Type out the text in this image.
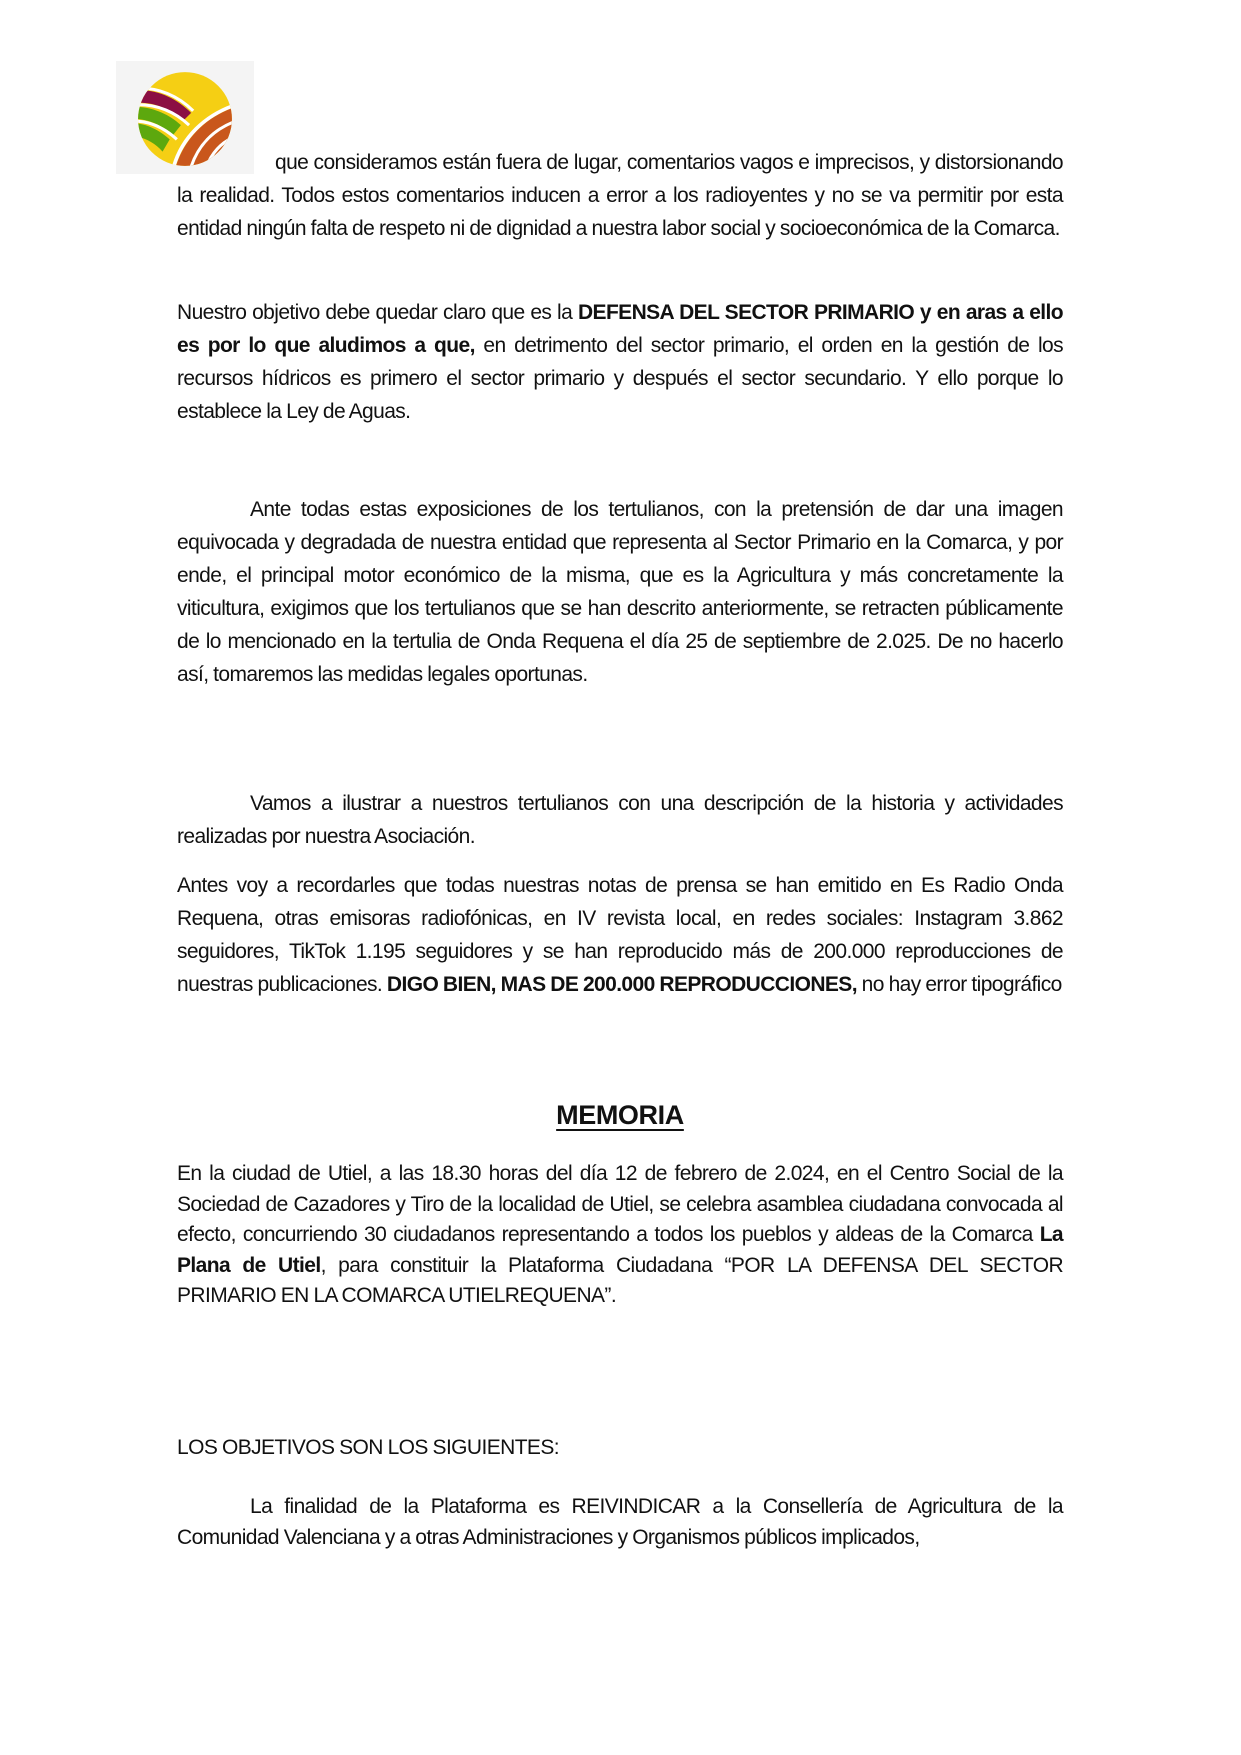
que consideramos están fuera de lugar, comentarios vagos e imprecisos, y distorsionando la realidad. Todos estos comentarios inducen a error a los radioyentes y no se va permitir por esta entidad ningún falta de respeto ni de dignidad a nuestra labor social y socioeconómica de la Comarca.

Nuestro objetivo debe quedar claro que es la DEFENSA DEL SECTOR PRIMARIO y en aras a ello es por lo que aludimos a que, en detrimento del sector primario, el orden en la gestión de los recursos hídricos es primero el sector primario y después el sector secundario. Y ello porque lo establece la Ley de Aguas.

Ante todas estas exposiciones de los tertulianos, con la pretensión de dar una imagen equivocada y degradada de nuestra entidad que representa al Sector Primario en la Comarca, y por ende, el principal motor económico de la misma, que es la Agricultura y más concretamente la viticultura, exigimos que los tertulianos que se han descrito anteriormente, se retracten públicamente de lo mencionado en la tertulia de Onda Requena el día 25 de septiembre de 2.025. De no hacerlo así, tomaremos las medidas legales oportunas.

Vamos a ilustrar a nuestros tertulianos con una descripción de la historia y actividades realizadas por nuestra Asociación.

Antes voy a recordarles que todas nuestras notas de prensa se han emitido en Es Radio Onda Requena, otras emisoras radiofónicas, en IV revista local, en redes sociales: Instagram 3.862 seguidores, TikTok 1.195 seguidores y se han reproducido más de 200.000 reproducciones de nuestras publicaciones. DIGO BIEN, MAS DE 200.000 REPRODUCCIONES, no hay error tipográfico

MEMORIA

En la ciudad de Utiel, a las 18.30 horas del día 12 de febrero de 2.024, en el Centro Social de la Sociedad de Cazadores y Tiro de la localidad de Utiel, se celebra asamblea ciudadana convocada al efecto, concurriendo 30 ciudadanos representando a todos los pueblos y aldeas de la Comarca La Plana de Utiel, para constituir la Plataforma Ciudadana “POR LA DEFENSA DEL SECTOR PRIMARIO EN LA COMARCA UTIELREQUENA”.

LOS OBJETIVOS SON LOS SIGUIENTES:

La finalidad de la Plataforma es REIVINDICAR a la Consellería de Agricultura de la Comunidad Valenciana y a otras Administraciones y Organismos públicos implicados,
